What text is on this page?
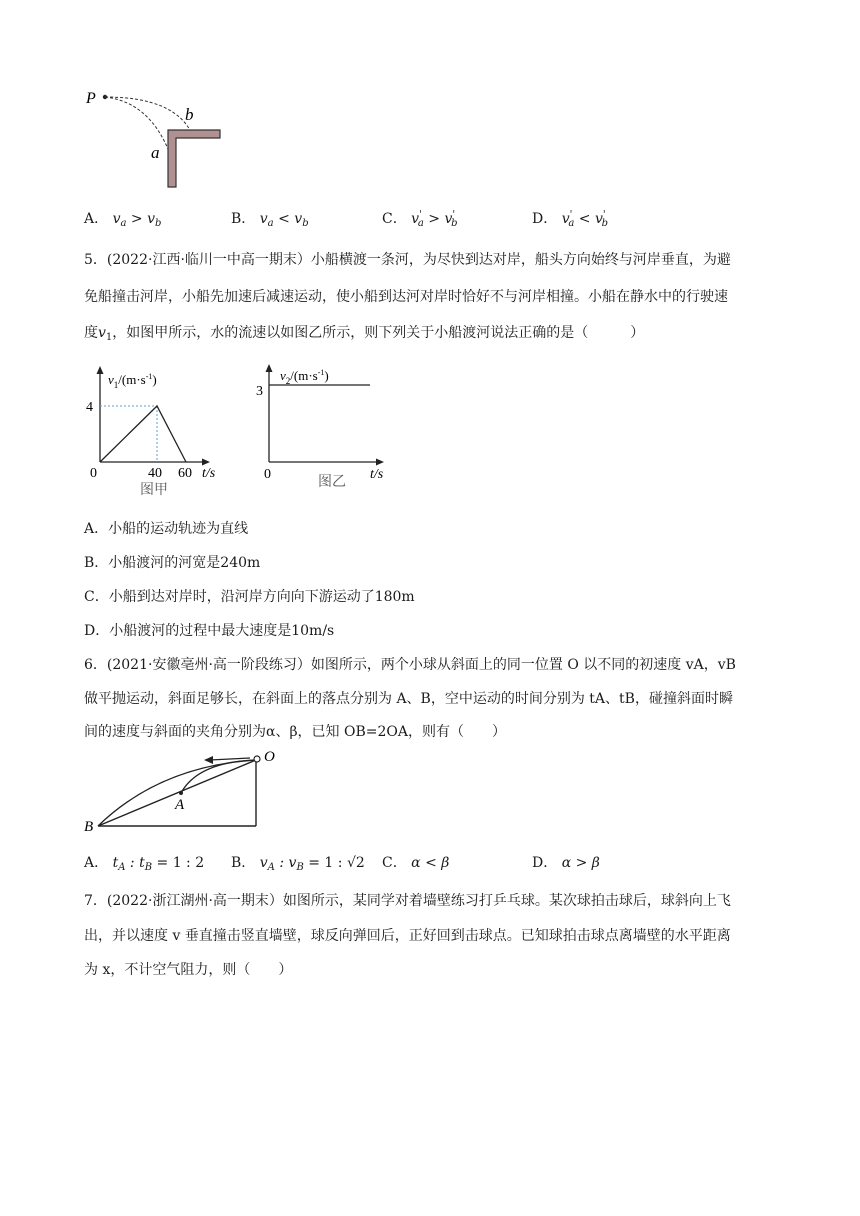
P
b
a
A． $v_a > v_b$	B． $v_a < v_b$	C． $v'_a > v'_b$	D． $v'_a < v'_b$
5．(2022·江西·临川一中高一期末）小船横渡一条河，为尽快到达对岸，船头方向始终与河岸垂直，为避
免船撞击河岸，小船先加速后减速运动，使小船到达河对岸时恰好不与河岸相撞。小船在静水中的行驶速
度$v_1$，如图甲所示，水的流速以如图乙所示，则下列关于小船渡河说法正确的是（　　　）
$v_1/(m\cdot s^{-1})$
4
0	40 60 t/s
图甲
$v_2/(m\cdot s^{-1})$
3
0	t/s
图乙
A．小船的运动轨迹为直线
B．小船渡河的河宽是240m
C．小船到达对岸时，沿河岸方向向下游运动了180m
D．小船渡河的过程中最大速度是10m/s
6．(2021·安徽亳州·高一阶段练习）如图所示，两个小球从斜面上的同一位置 O 以不同的初速度 vA，vB
做平抛运动，斜面足够长，在斜面上的落点分别为 A、B，空中运动的时间分别为 tA、tB，碰撞斜面时瞬
间的速度与斜面的夹角分别为α、β，已知 OB=2OA，则有（　　）
O
A
B
A． $t_A$ : $t_B = 1$ : 2 B． $v_A$ : $v_B = 1$ : √2 C． α < β	D． α > β
7．(2022·浙江湖州·高一期末）如图所示，某同学对着墙壁练习打乒乓球。某次球拍击球后，球斜向上飞
出，并以速度 v 垂直撞击竖直墙壁，球反向弹回后，正好回到击球点。已知球拍击球点离墙壁的水平距离
为 x，不计空气阻力，则（　　）
